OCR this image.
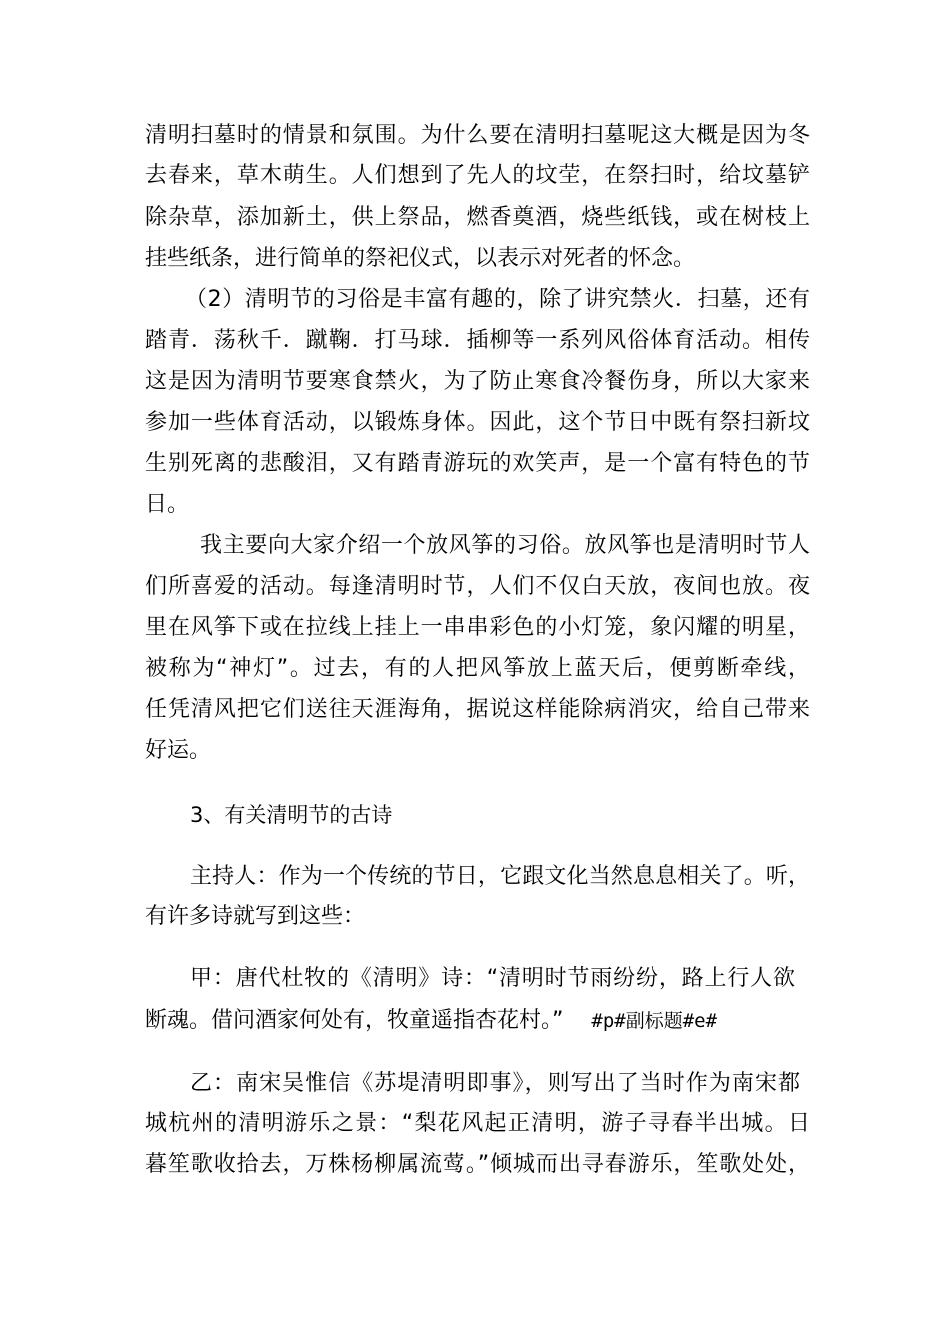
清明扫墓时的情景和氛围。为什么要在清明扫墓呢这大概是因为冬
去春来，草木萌生。人们想到了先人的坟茔，在祭扫时，给坟墓铲
除杂草，添加新土，供上祭品，燃香奠酒，烧些纸钱，或在树枝上
挂些纸条，进行简单的祭祀仪式，以表示对死者的怀念。
（2）清明节的习俗是丰富有趣的，除了讲究禁火．扫墓，还有
踏青．荡秋千．蹴鞠．打马球．插柳等一系列风俗体育活动。相传
这是因为清明节要寒食禁火，为了防止寒食冷餐伤身，所以大家来
参加一些体育活动，以锻炼身体。因此，这个节日中既有祭扫新坟
生别死离的悲酸泪，又有踏青游玩的欢笑声，是一个富有特色的节
日。
我主要向大家介绍一个放风筝的习俗。放风筝也是清明时节人
们所喜爱的活动。每逢清明时节，人们不仅白天放，夜间也放。夜
里在风筝下或在拉线上挂上一串串彩色的小灯笼，象闪耀的明星，
被称为“神灯”。过去，有的人把风筝放上蓝天后，便剪断牵线，
任凭清风把它们送往天涯海角，据说这样能除病消灾，给自己带来
好运。
3、有关清明节的古诗
主持人：作为一个传统的节日，它跟文化当然息息相关了。听，
有许多诗就写到这些：
甲：唐代杜牧的《清明》诗：“清明时节雨纷纷，路上行人欲
断魂。借问酒家何处有，牧童遥指杏花村。” #p#副标题#e#
乙：南宋吴惟信《苏堤清明即事》，则写出了当时作为南宋都
城杭州的清明游乐之景：“梨花风起正清明，游子寻春半出城。日
暮笙歌收拾去，万株杨柳属流莺。”倾城而出寻春游乐，笙歌处处，
